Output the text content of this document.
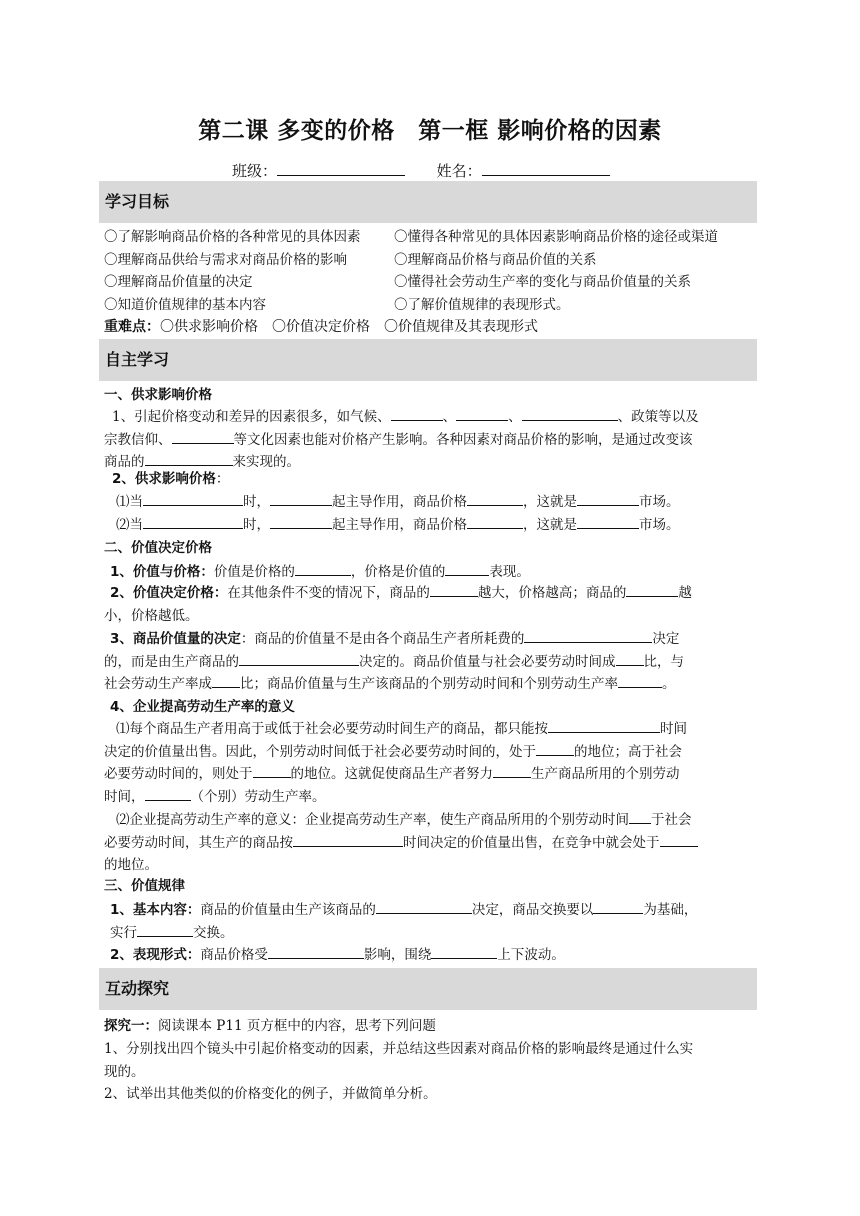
第二课 多变的价格　第一框 影响价格的因素
班级：	姓名：
学习目标
〇了解影响商品价格的各种常见的具体因素	〇懂得各种常见的具体因素影响商品价格的途径或渠道
〇理解商品供给与需求对商品价格的影响	〇理解商品价格与商品价值的关系
〇理解商品价值量的决定	〇懂得社会劳动生产率的变化与商品价值量的关系
〇知道价值规律的基本内容	〇了解价值规律的表现形式。
重难点：〇供求影响价格　〇价值决定价格　〇价值规律及其表现形式
自主学习
一、供求影响价格
1、引起价格变动和差异的因素很多，如气候、	、	、	、政策等以及
宗教信仰、	等文化因素也能对价格产生影响。各种因素对商品价格的影响，是通过改变该
商品的	来实现的。
2、供求影响价格：
⑴当	时，	起主导作用，商品价格	，这就是	市场。
⑵当	时，	起主导作用，商品价格	，这就是	市场。
二、价值决定价格
1、价值与价格：价值是价格的	，价格是价值的	表现。
2、价值决定价格：在其他条件不变的情况下，商品的	越大，价格越高；商品的	越
小，价格越低。
3、商品价值量的决定：商品的价值量不是由各个商品生产者所耗费的	决定
的，而是由生产商品的	决定的。商品价值量与社会必要劳动时间成 比，与
社会劳动生产率成 比；商品价值量与生产该商品的个别劳动时间和个别劳动生产率	。
4、企业提高劳动生产率的意义
⑴每个商品生产者用高于或低于社会必要劳动时间生产的商品，都只能按	时间
决定的价值量出售。因此，个别劳动时间低于社会必要劳动时间的，处于	的地位；高于社会
必要劳动时间的，则处于	的地位。这就促使商品生产者努力	生产商品所用的个别劳动
时间，	（个别）劳动生产率。
⑵企业提高劳动生产率的意义：企业提高劳动生产率，使生产商品所用的个别劳动时间 于社会
必要劳动时间，其生产的商品按	时间决定的价值量出售，在竞争中就会处于
的地位。
三、价值规律
1、基本内容：商品的价值量由生产该商品的	决定，商品交换要以	为基础，
实行	交换。
2、表现形式：商品价格受	影响，围绕	上下波动。
互动探究
探究一：阅读课本 P11 页方框中的内容，思考下列问题
1、分别找出四个镜头中引起价格变动的因素，并总结这些因素对商品价格的影响最终是通过什么实
现的。
2、试举出其他类似的价格变化的例子，并做简单分析。
